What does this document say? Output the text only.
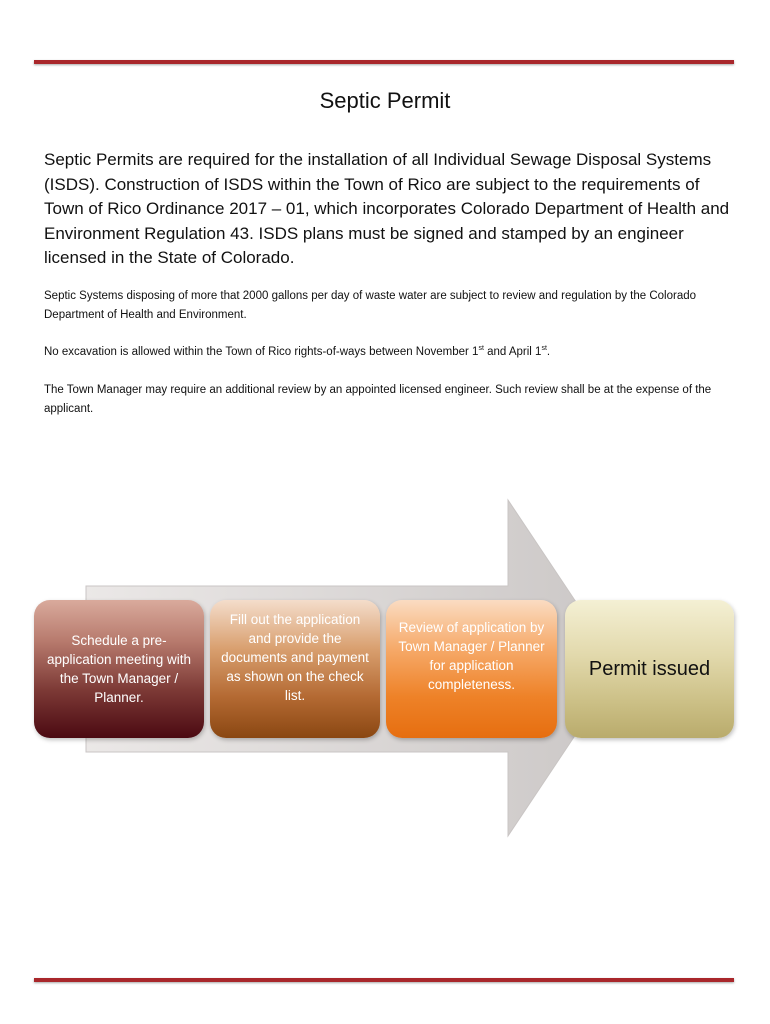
Septic Permit

Septic Permits are required for the installation of all Individual Sewage Disposal Systems (ISDS). Construction of ISDS within the Town of Rico are subject to the requirements of Town of Rico Ordinance 2017 – 01, which incorporates Colorado Department of Health and Environment Regulation 43. ISDS plans must be signed and stamped by an engineer licensed in the State of Colorado.

Septic Systems disposing of more that 2000 gallons per day of waste water are subject to review and regulation by the Colorado Department of Health and Environment.

No excavation is allowed within the Town of Rico rights-of-ways between November 1st and April 1st.

The Town Manager may require an additional review by an appointed licensed engineer. Such review shall be at the expense of the applicant.

Schedule a pre-application meeting with the Town Manager / Planner.
Fill out the application and provide the documents and payment as shown on the check list.
Review of application by Town Manager / Planner for application completeness.
Permit issued
